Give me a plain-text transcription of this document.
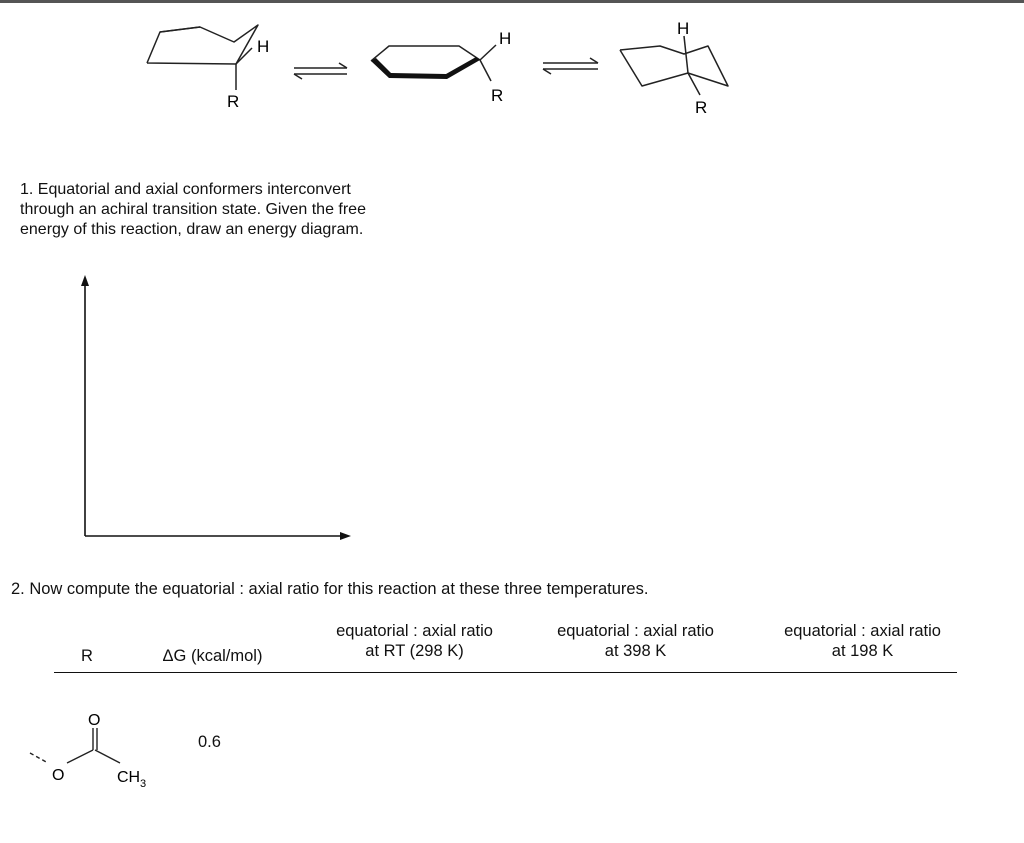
H
R
H
R
H
R
1. Equatorial and axial conformers interconvert
through an achiral transition state. Given the free
energy of this reaction, draw an energy diagram.
2. Now compute the equatorial : axial ratio for this reaction at these three temperatures.
R	ΔG (kcal/mol)
equatorial : axial ratio
at RT (298 K)
equatorial : axial ratio
at 398 K
equatorial : axial ratio
at 198 K
O
O	CH 3
0.6
